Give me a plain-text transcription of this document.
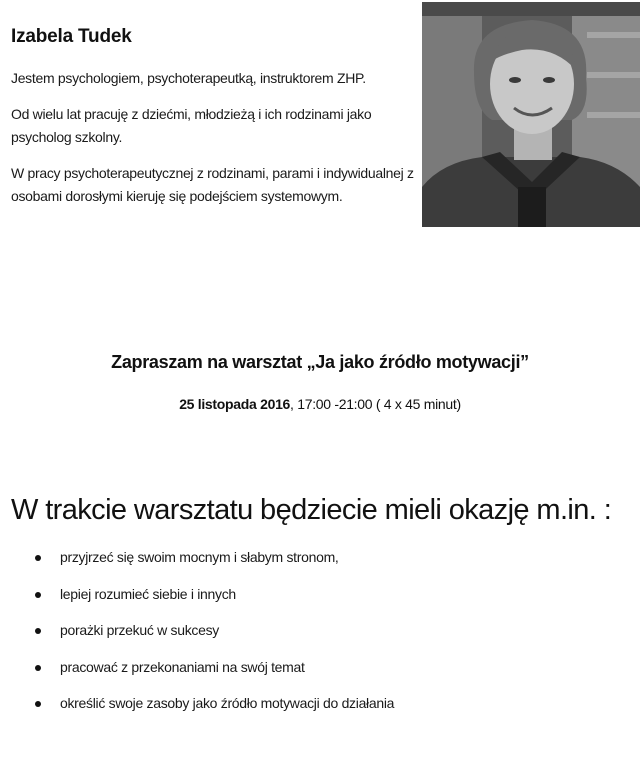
Izabela Tudek
Jestem psychologiem, psychoterapeutką, instruktorem ZHP.
Od wielu lat pracuję z dziećmi, młodzieżą i ich rodzinami jako psycholog szkolny.
W pracy psychoterapeutycznej z rodzinami, parami i indywidualnej z osobami dorosłymi kieruję się podejściem systemowym.
Zapraszam na warsztat „Ja jako źródło motywacji”
25 listopada 2016, 17:00 -21:00 ( 4 x 45 minut)
W trakcie warsztatu będziecie mieli okazję m.in. :
przyjrzeć się swoim mocnym i słabym stronom,
lepiej rozumieć siebie i innych
porażki przekuć w sukcesy
pracować z przekonaniami na swój temat
określić swoje zasoby jako źródło motywacji do działania
